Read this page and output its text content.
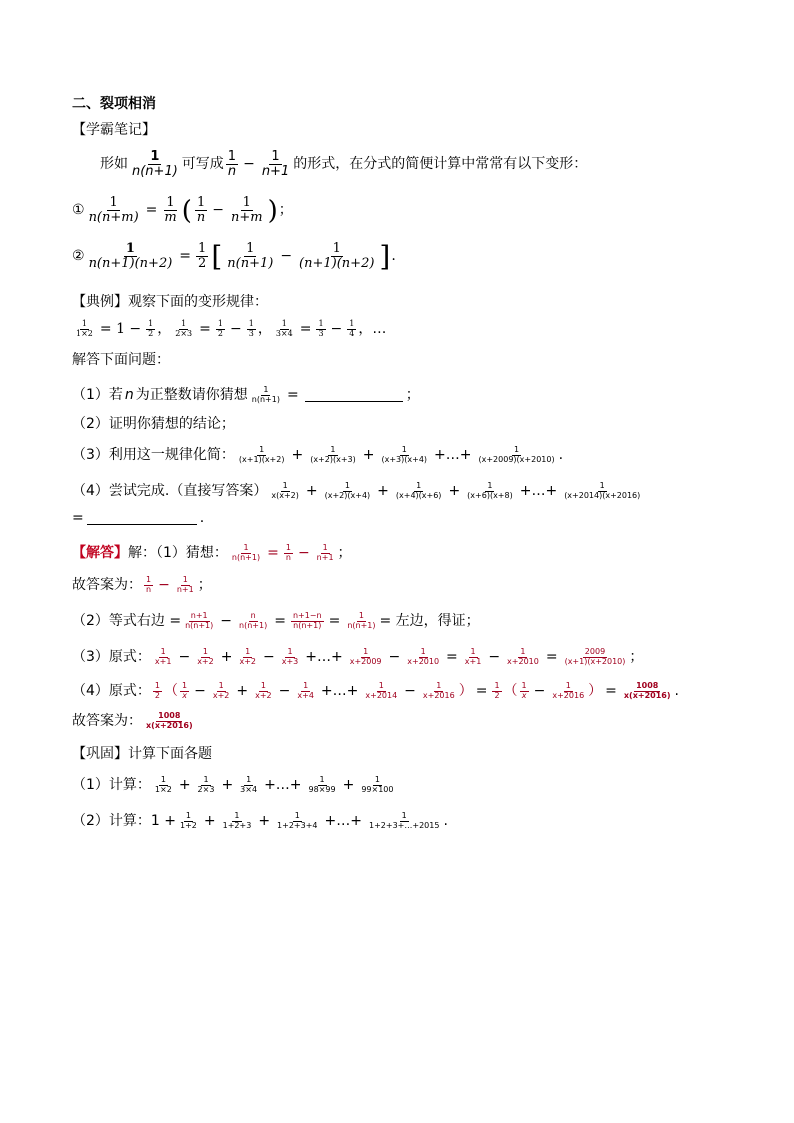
二、裂项相消
【学霸笔记】
形如 $\frac{1}{n(n+1)}$ 可写成 $\frac{1}{n} - \frac{1}{n+1}$ 的形式，在分式的简便计算中常常有以下变形：
① $\frac{1}{n(n+m)} = \frac{1}{m}$ ( $\frac{1}{n} - \frac{1}{n+m}$ ) ；
② $\frac{1}{n(n+1)(n+2)} = \frac{1}{2}$ [ $\frac{1}{n(n+1)} - \frac{1}{(n+1)(n+2)}$ ] .
【典例】 观察下面的变形规律：
$\frac{1}{1\times 2} = 1 - \frac{1}{2}$ ， $\frac{1}{2\times 3} = \frac{1}{2} - \frac{1}{3}$ ， $\frac{1}{3\times 4} = \frac{1}{3} - \frac{1}{4}$ ，…
解答下面问题：
（1）若 n 为正整数请你猜想 $\frac{1}{n(n+1)}$ =	；
（2）证明你猜想的结论；
（3）利用这一规律化简： $\frac{1}{(x+1)(x+2)} + \frac{1}{(x+2)(x+3)} + \frac{1}{(x+3)(x+4)}$ +…+ $\frac{1}{(x+2009)(x+2010)}$ .
（4）尝试完成.（直接写答案） $\frac{1}{x(x+2)} + \frac{1}{(x+2)(x+4)} + \frac{1}{(x+4)(x+6)} + \frac{1}{(x+6)(x+8)}$ +…+ $\frac{1}{(x+2014)(x+2016)}$
=	.
【解答】 解：（1）猜想： $\frac{1}{n(n+1)} = \frac{1}{n} - \frac{1}{n+1}$ ；
故答案为： $\frac{1}{n} - \frac{1}{n+1}$ ；
（2）等式右边 = $\frac{n+1}{n(n+1)} - \frac{n}{n(n+1)} = \frac{n+1-n}{n(n+1)} = \frac{1}{n(n+1)}$ = 左边，得证；
（3）原式： $\frac{1}{x+1} - \frac{1}{x+2} + \frac{1}{x+2} - \frac{1}{x+3}$ +…+ $\frac{1}{x+2009} - \frac{1}{x+2010} = \frac{1}{x+1} - \frac{1}{x+2010} = \frac{2009}{(x+1)(x+2010)}$ ；
（4）原式： $\frac{1}{2}$ （ $\frac{1}{x} - \frac{1}{x+2} + \frac{1}{x+2} - \frac{1}{x+4}$ +…+ $\frac{1}{x+2014} - \frac{1}{x+2016}$ ） = $\frac{1}{2}$ （ $\frac{1}{x} - \frac{1}{x+2016}$ ） = $\frac{1008}{x(x+2016)}$ .
故答案为： $\frac{1008}{x(x+2016)}$
【巩固】 计算下面各题
（1）计算： $\frac{1}{1\times 2} + \frac{1}{2\times 3} + \frac{1}{3\times 4}$ +…+ $\frac{1}{98\times 99} + \frac{1}{99\times 100}$
（2）计算：$1 + \frac{1}{1+2} + \frac{1}{1+2+3} + \frac{1}{1+2+3+4}$ +…+ $\frac{1}{1+2+3+\dots+2015}$ .
